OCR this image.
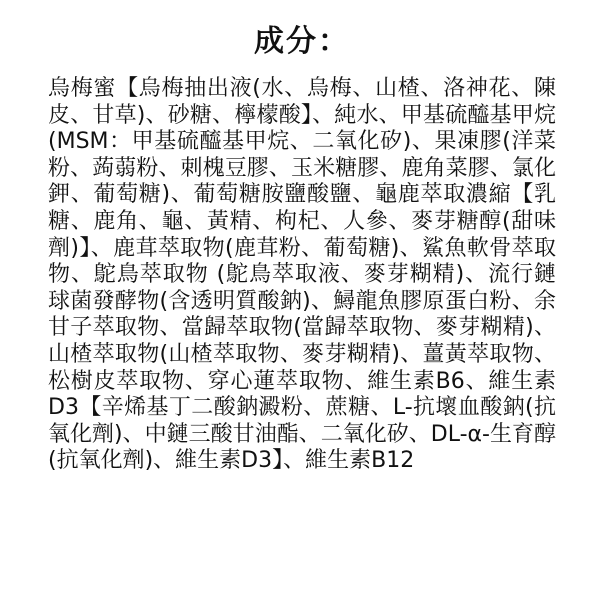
成分：

烏梅蜜【烏梅抽出液(水、烏梅、山楂、洛神花、陳皮、甘草)、砂糖、檸檬酸】、純水、甲基硫醯基甲烷(MSM：甲基硫醯基甲烷、二氧化矽)、果凍膠(洋菜粉、蒟蒻粉、刺槐豆膠、玉米糖膠、鹿角菜膠、氯化鉀、葡萄糖)、葡萄糖胺鹽酸鹽、龜鹿萃取濃縮【乳糖、鹿角、龜、黃精、枸杞、人參、麥芽糖醇(甜味劑)】、鹿茸萃取物(鹿茸粉、葡萄糖)、鯊魚軟骨萃取物、鴕鳥萃取物 (鴕鳥萃取液、麥芽糊精)、流行鏈球菌發酵物(含透明質酸鈉)、鱘龍魚膠原蛋白粉、余甘子萃取物、當歸萃取物(當歸萃取物、麥芽糊精)、山楂萃取物(山楂萃取物、麥芽糊精)、薑黃萃取物、松樹皮萃取物、穿心蓮萃取物、維生素B6、維生素D3【辛烯基丁二酸鈉澱粉、蔗糖、L-抗壞血酸鈉(抗氧化劑)、中鏈三酸甘油酯、二氧化矽、DL-α-生育醇(抗氧化劑)、維生素D3】、維生素B12
